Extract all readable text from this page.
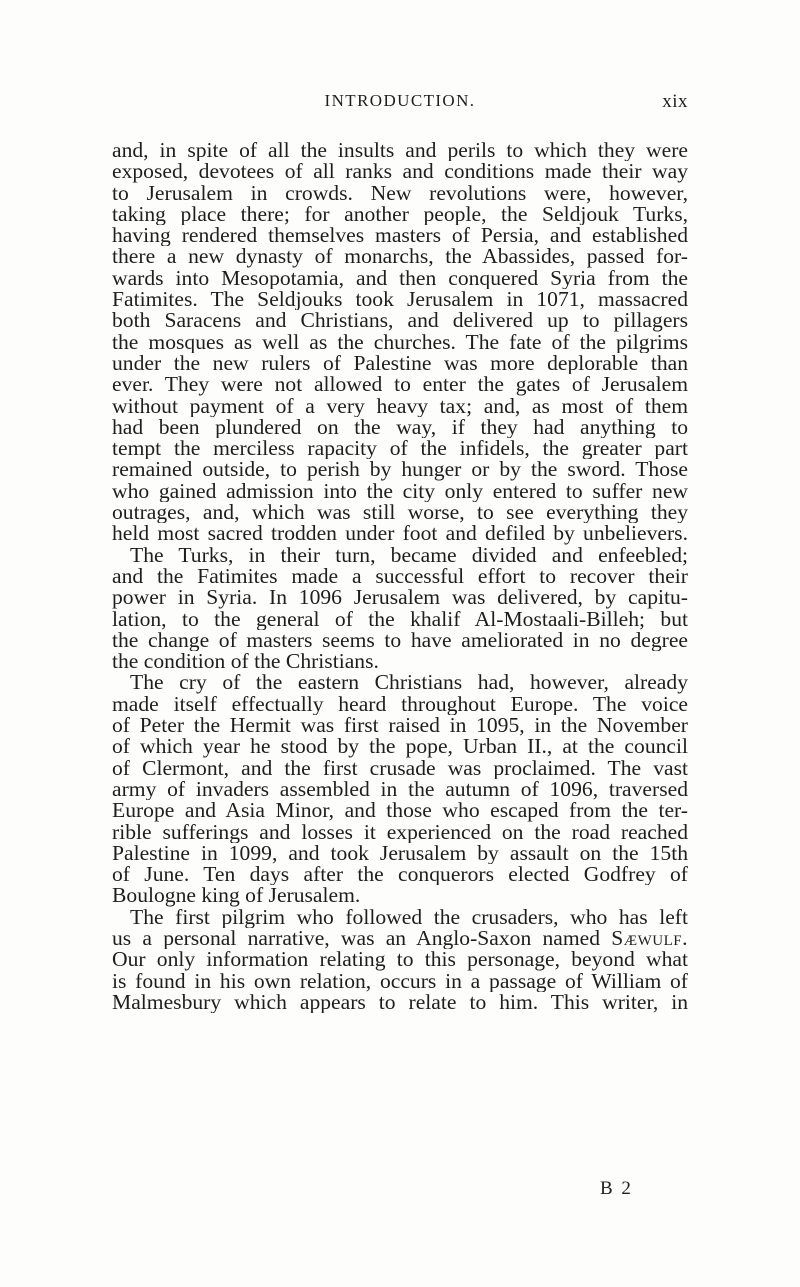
INTRODUCTION.	xix
and, in spite of all the insults and perils to which they were
exposed, devotees of all ranks and conditions made their way
to Jerusalem in crowds. New revolutions were, however,
taking place there; for another people, the Seldjouk Turks,
having rendered themselves masters of Persia, and established
there a new dynasty of monarchs, the Abassides, passed for-
wards into Mesopotamia, and then conquered Syria from the
Fatimites. The Seldjouks took Jerusalem in 1071, massacred
both Saracens and Christians, and delivered up to pillagers
the mosques as well as the churches. The fate of the pilgrims
under the new rulers of Palestine was more deplorable than
ever. They were not allowed to enter the gates of Jerusalem
without payment of a very heavy tax; and, as most of them
had been plundered on the way, if they had anything to
tempt the merciless rapacity of the infidels, the greater part
remained outside, to perish by hunger or by the sword. Those
who gained admission into the city only entered to suffer new
outrages, and, which was still worse, to see everything they
held most sacred trodden under foot and defiled by unbelievers.
The Turks, in their turn, became divided and enfeebled;
and the Fatimites made a successful effort to recover their
power in Syria. In 1096 Jerusalem was delivered, by capitu-
lation, to the general of the khalif Al-Mostaali-Billeh; but
the change of masters seems to have ameliorated in no degree
the condition of the Christians.
The cry of the eastern Christians had, however, already
made itself effectually heard throughout Europe. The voice
of Peter the Hermit was first raised in 1095, in the November
of which year he stood by the pope, Urban II., at the council
of Clermont, and the first crusade was proclaimed. The vast
army of invaders assembled in the autumn of 1096, traversed
Europe and Asia Minor, and those who escaped from the ter-
rible sufferings and losses it experienced on the road reached
Palestine in 1099, and took Jerusalem by assault on the 15th
of June. Ten days after the conquerors elected Godfrey of
Boulogne king of Jerusalem.
The first pilgrim who followed the crusaders, who has left
us a personal narrative, was an Anglo-Saxon named Sæwulf.
Our only information relating to this personage, beyond what
is found in his own relation, occurs in a passage of William of
Malmesbury which appears to relate to him. This writer, in
B 2
